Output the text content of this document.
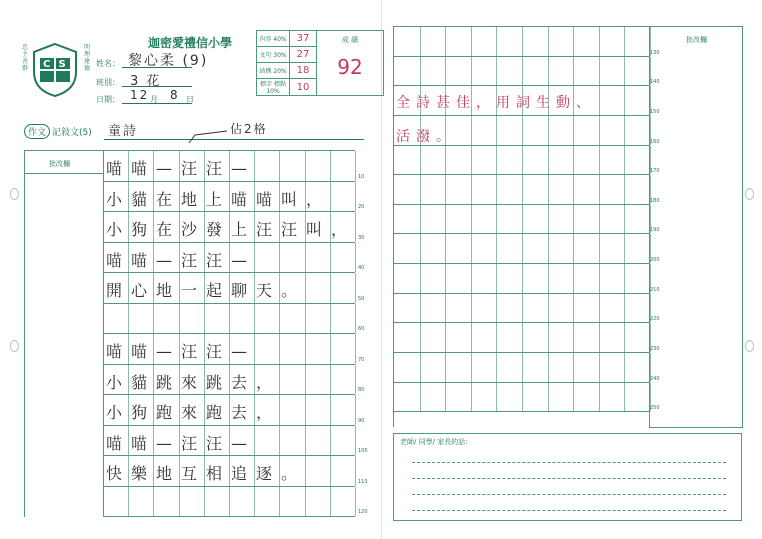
CS
忠主善群
明理達德
迦密愛禮信小學
姓名： 黎心柔 (9)
班別： 3 花
日期： 12 月 8 日
內容 40%	37	成 績
92

文句 30%	27	
結構 20%	18	
標字 標點 10%	10	
作文 記敍文(5) 童詩	佔2格
批改欄 喵喵—汪汪—	10
小貓在地上喵喵叫，	20
小狗在沙發上汪汪叫， 30
喵喵—汪汪—	40
開心地一起聊天。	50
60
喵喵—汪汪—	70
小貓跳來跳去，	80
小狗跑來跑去，	90
喵喵—汪汪—	100
快樂地互相追逐。	110
120
130
140
150
160
170
180
190
200
210
220
230
240
250
批改欄
全詩甚佳，用詞生動、
活潑。
老師/ 同學/ 家長的話：
